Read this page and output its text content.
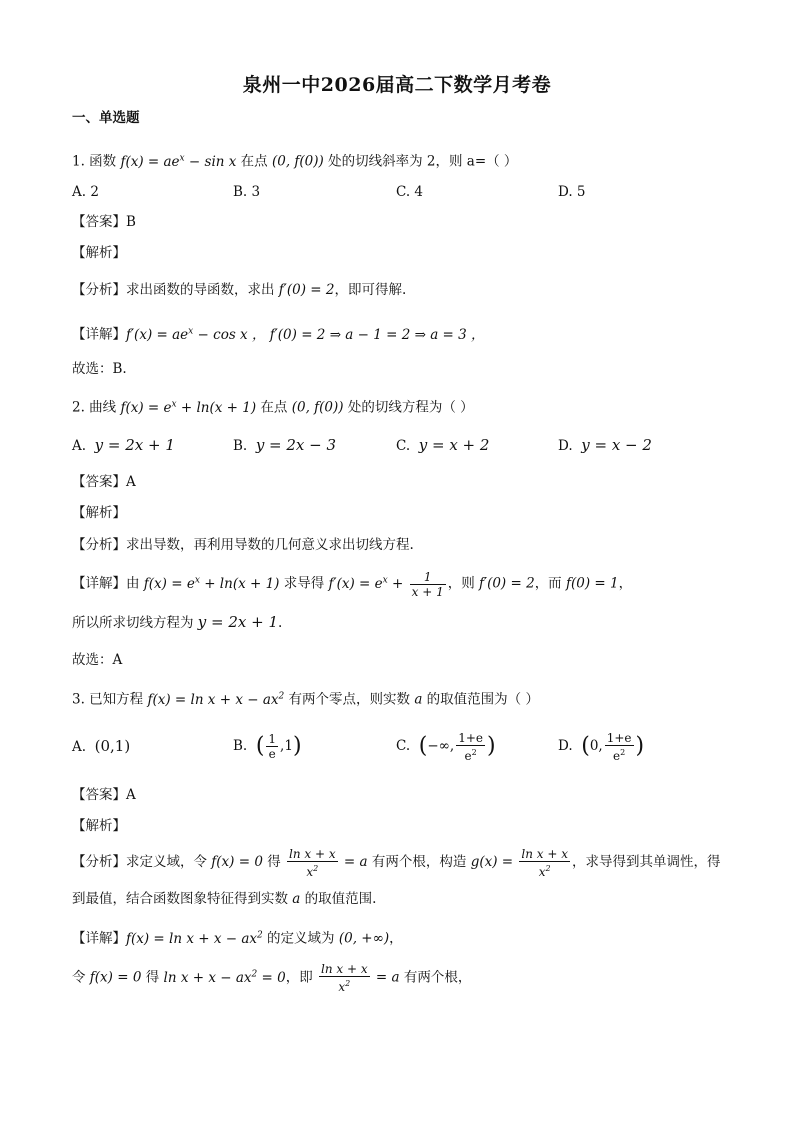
泉州一中2026届高二下数学月考卷
一、单选题
1. 函数 $f(x) = ae^x - \sin x$ 在点 (0, f(0)) 处的切线斜率为 2，则 a=（ ）
A. 2	B. 3	C. 4	D. 5
【答案】B
【解析】
【分析】求出函数的导函数，求出 f′(0) = 2，即可得解.
【详解】$f'(x) = ae^x - \cos x$ ， f′(0) = 2 ⇒ a − 1 = 2 ⇒ a = 3 ，
故选：B.
2. 曲线 $f(x) = e^x + \ln(x + 1)$ 在点 (0, f(0)) 处的切线方程为（ ）
A. y = 2x + 1	B. y = 2x − 3	C. y = x + 2	D. y = x − 2
【答案】A
【解析】
【分析】求出导数，再利用导数的几何意义求出切线方程.
【详解】由 $f(x) = e^x + \ln(x + 1)$ 求导得 $f'(x) = e^x + \frac{1}{x + 1}$ ，则 f′(0) = 2，而 f(0) = 1，
所以所求切线方程为 y = 2x + 1.
故选：A
3. 已知方程 $f(x) = \ln x + x - ax^2$ 有两个零点，则实数 a 的取值范围为（ ）
A. (0,1)	B. ( $\frac{1}{e} ,1$)	C. (−∞, $\frac{1+e}{e^2}$ )	D. (0, $\frac{1+e}{e^2}$ )
【答案】A
【解析】
【分析】求定义域，令 f(x) = 0 得 $\frac{\text{ln x + x}}{x^2} = a$ 有两个根，构造 $g(x) = \frac{\text{ln x + x}}{x^2}$ ，求导得到其单调性，得
到最值，结合函数图象特征得到实数 a 的取值范围.
【详解】$f(x) = \ln x + x - ax^2$ 的定义域为 (0, +∞)，
令 f(x) = 0 得 $\ln x + x - ax^2 = 0$，即 $\frac{\text{ln x + x}}{x^2} = a$ 有两个根，
